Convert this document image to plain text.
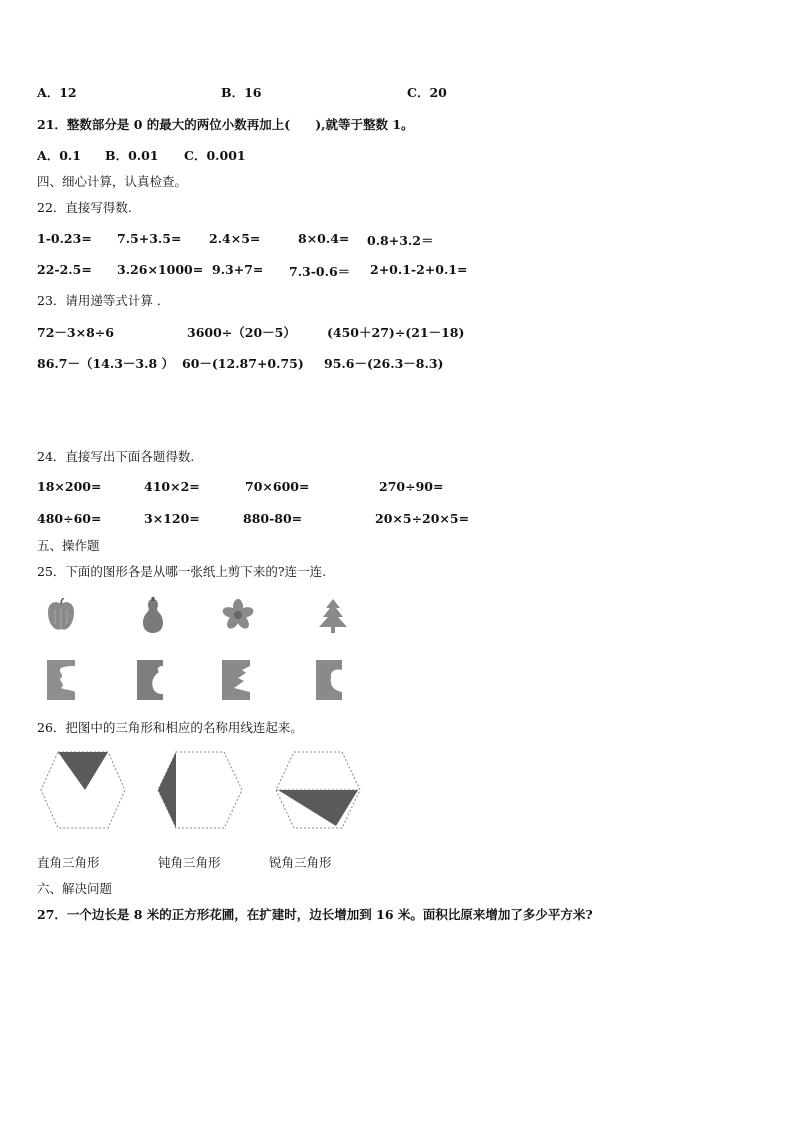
A．12	B．16	C．20
21．整数部分是 0 的最大的两位小数再加上(　　),就等于整数 1。
A．0.1 B．0.01 C．0.001
四、细心计算，认真检查。
22．直接写得数.
1-0.23= 7.5+3.5= 2.4×5=	8×0.4= 0.8+3.2＝
22-2.5= 3.26×1000= 9.3+7= 7.3-0.6＝ 2+0.1-2+0.1=
23．请用递等式计算 ．
72－3×8÷6	3600÷（20－5） (450＋27)÷(21－18)
86.7－（14.3－3.8 ） 60－(12.87+0.75) 95.6－(26.3－8.3)
24．直接写出下面各题得数.
18×200=	410×2=	70×600=	270÷90=
480÷60=	3×120=	880-80=	20×5÷20×5=
五、操作题
25．下面的图形各是从哪一张纸上剪下来的?连一连.
26．把图中的三角形和相应的名称用线连起来。
直角三角形	钝角三角形	锐角三角形
六、解决问题
27．一个边长是 8 米的正方形花圃，在扩建时，边长增加到 16 米。面积比原来增加了多少平方米?
